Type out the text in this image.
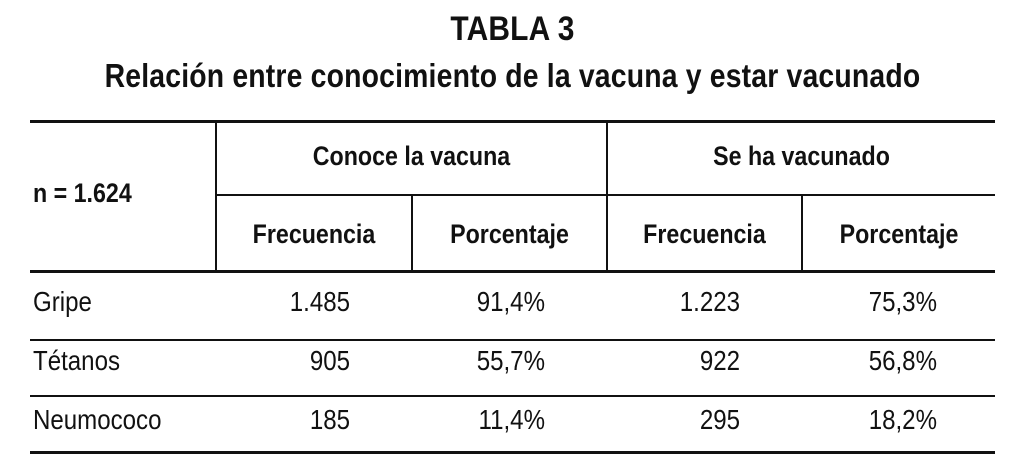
TABLA 3
Relación entre conocimiento de la vacuna y estar vacunado
n = 1.624
Conoce la vacuna	Se ha vacunado
Frecuencia	Porcentaje	Frecuencia	Porcentaje
Gripe	1.485	91,4%	1.223	75,3%
Tétanos	905	55,7%	922	56,8%
Neumococo	185	11,4%	295	18,2%
